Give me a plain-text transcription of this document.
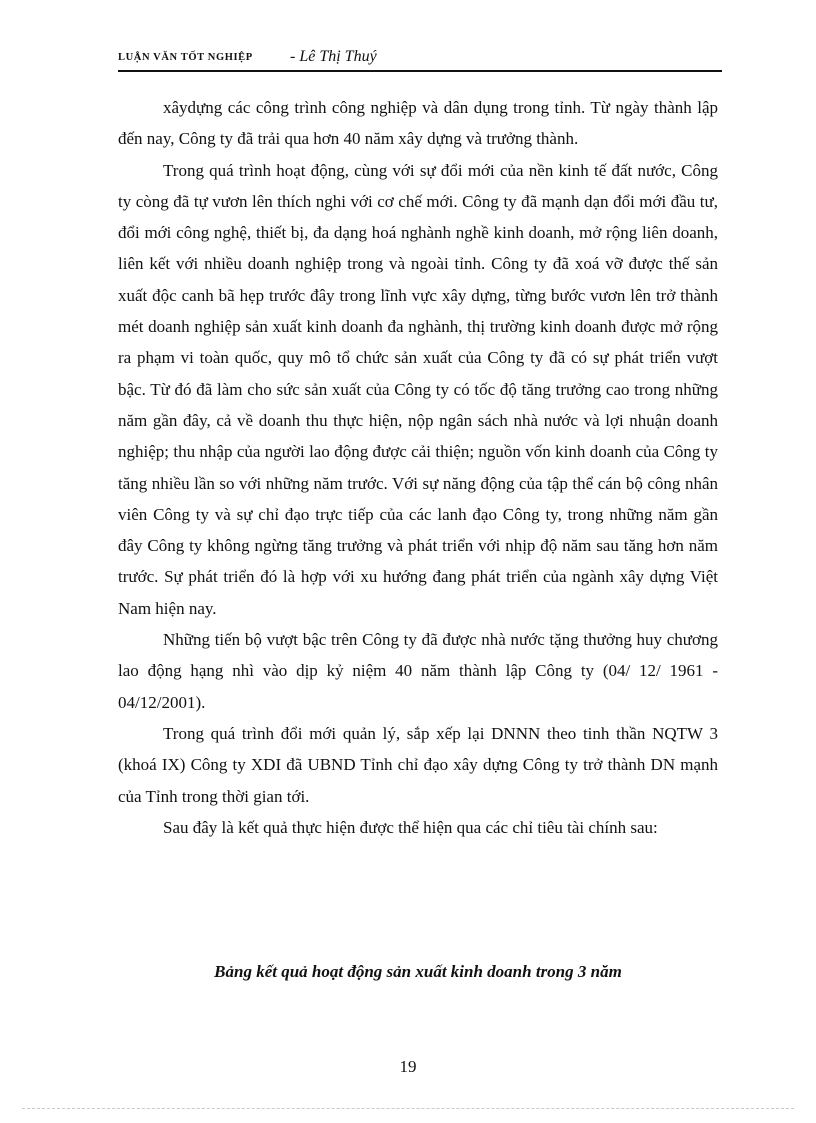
LUẬN VĂN TỐT NGHIỆP - Lê Thị Thuý

xâydựng các công trình công nghiệp và dân dụng trong tỉnh. Từ ngày thành lập đến nay, Công ty đã trải qua hơn 40 năm xây dựng và trưởng thành.

Trong quá trình hoạt động, cùng với sự đổi mới của nền kinh tế đất nước, Công ty còng đã tự vươn lên thích nghi với cơ chế mới. Công ty đã mạnh dạn đổi mới đầu tư, đổi mới công nghệ, thiết bị, đa dạng hoá nghành nghề kinh doanh, mở rộng liên doanh, liên kết với nhiều doanh nghiệp trong và ngoài tỉnh. Công ty đã xoá vỡ được thế sản xuất độc canh bã hẹp trước đây trong lĩnh vực xây dựng, từng bước vươn lên trở thành mét doanh nghiệp sản xuất kinh doanh đa nghành, thị trường kinh doanh được mở rộng ra phạm vi toàn quốc, quy mô tổ chức sản xuất của Công ty đã có sự phát triển vượt bậc. Từ đó đã làm cho sức sản xuất của Công ty có tốc độ tăng trưởng cao trong những năm gần đây, cả về doanh thu thực hiện, nộp ngân sách nhà nước và lợi nhuận doanh nghiệp; thu nhập của người lao động được cải thiện; nguồn vốn kinh doanh của Công ty tăng nhiều lần so với những năm trước. Với sự năng động của tập thể cán bộ công nhân viên Công ty và sự chỉ đạo trực tiếp của các lanh đạo Công ty, trong những năm gần đây Công ty không ngừng tăng trưởng và phát triển với nhịp độ năm sau tăng hơn năm trước. Sự phát triển đó là hợp với xu hướng đang phát triển của ngành xây dựng Việt Nam hiện nay.

Những tiến bộ vượt bậc trên Công ty đã được nhà nước tặng thưởng huy chương lao động hạng nhì vào dịp kỷ niệm 40 năm thành lập Công ty (04/ 12/ 1961 - 04/12/2001).

Trong quá trình đổi mới quản lý, sắp xếp lại DNNN theo tinh thần NQTW 3 (khoá IX) Công ty XDI đã UBND Tỉnh chỉ đạo xây dựng Công ty trở thành DN mạnh của Tỉnh trong thời gian tới.

Sau đây là kết quả thực hiện được thể hiện qua các chỉ tiêu tài chính sau:

Bảng kết quả hoạt động sản xuất kinh doanh trong 3 năm
19
